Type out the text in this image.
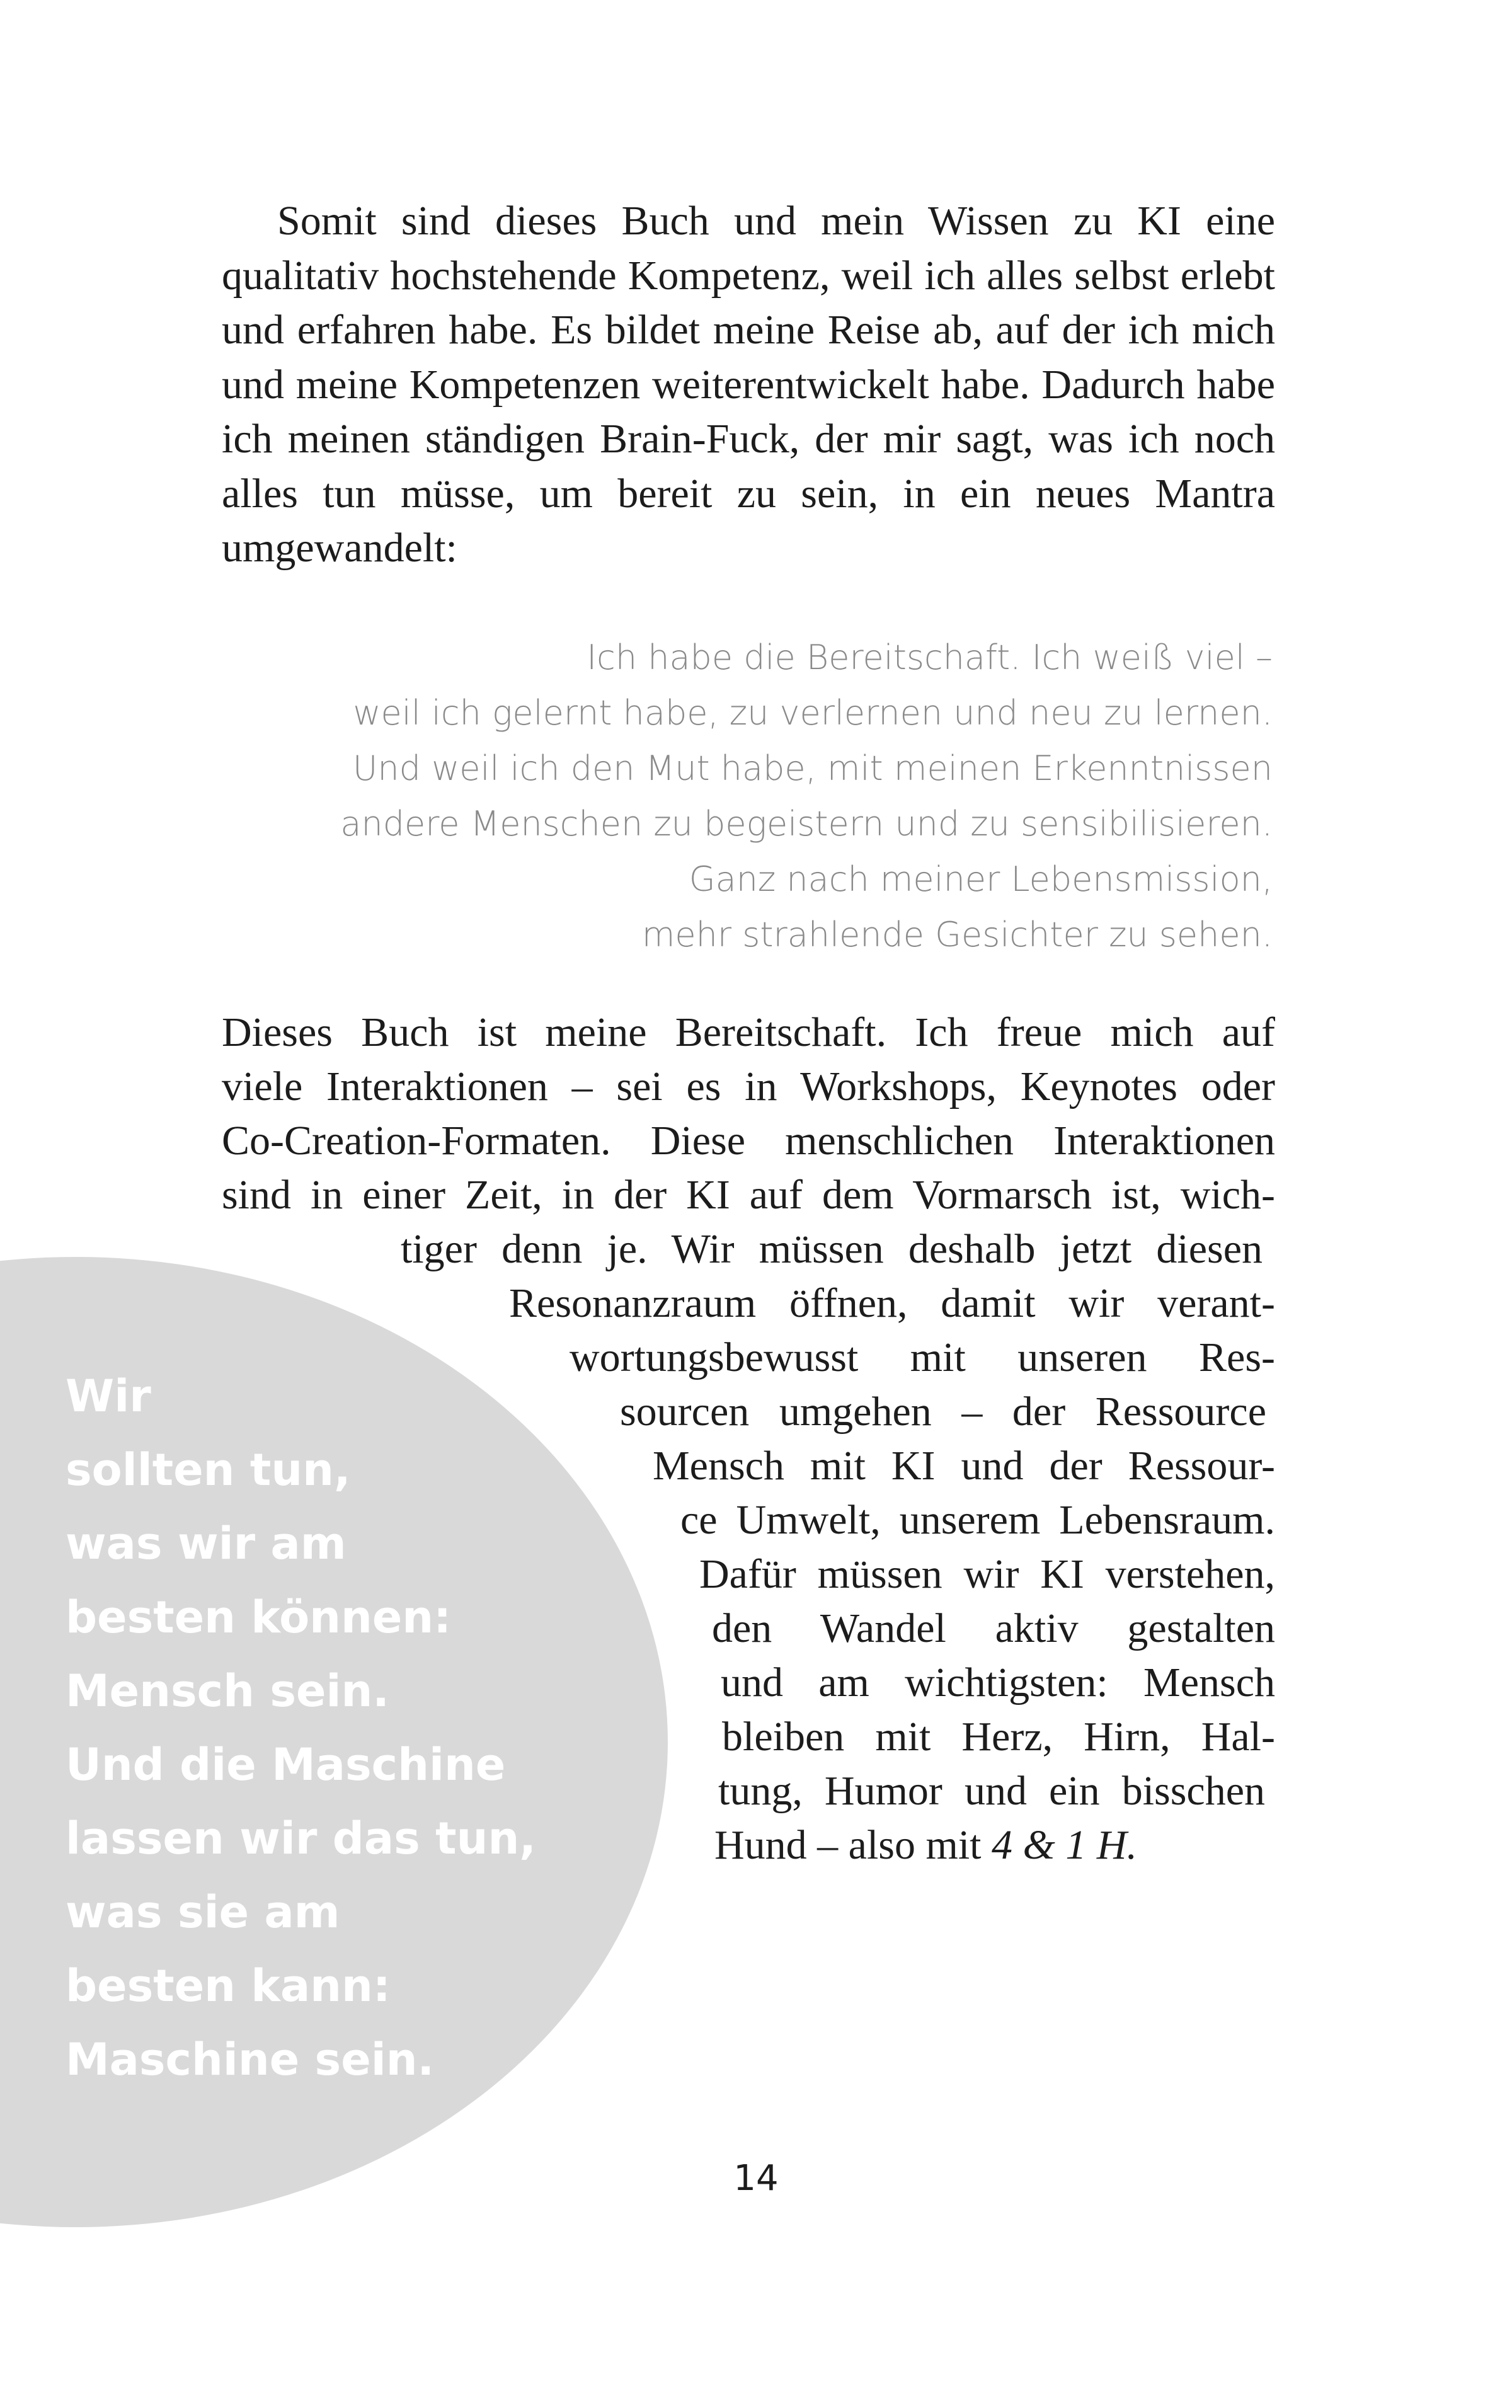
Somit sind dieses Buch und mein Wissen zu KI eine qualitativ hochstehende Kompetenz, weil ich alles selbst erlebt und erfahren habe. Es bildet meine Reise ab, auf der ich mich und meine Kompetenzen weiterentwickelt habe. Dadurch habe ich meinen ständigen Brain-Fuck, der mir sagt, was ich noch alles tun müsse, um bereit zu sein, in ein neues Mantra umgewandelt:

Ich habe die Bereitschaft. Ich weiß viel –
weil ich gelernt habe, zu verlernen und neu zu lernen.
Und weil ich den Mut habe, mit meinen Erkenntnissen
andere Menschen zu begeistern und zu sensibilisieren.
Ganz nach meiner Lebensmission,
mehr strahlende Gesichter zu sehen.
Wir
sollten tun,
was wir am
besten können:
Mensch sein.
Und die Maschine
lassen wir das tun,
was sie am
besten kann:
Maschine sein.
Dieses Buch ist meine Bereitschaft. Ich freue mich auf
viele Interaktionen – sei es in Workshops, Keynotes oder
Co-Creation-Formaten. Diese menschlichen Interaktionen
sind in einer Zeit, in der KI auf dem Vormarsch ist, wich-
tiger denn je. Wir müssen deshalb jetzt diesen
Resonanzraum öffnen, damit wir verant-
wortungsbewusst mit unseren Res-
sourcen umgehen – der Ressource
Mensch mit KI und der Ressour-
ce Umwelt, unserem Lebensraum.
Dafür müssen wir KI verstehen,
den Wandel aktiv gestalten
und am wichtigsten: Mensch
bleiben mit Herz, Hirn, Hal-
tung, Humor und ein bisschen
Hund – also mit 4 & 1 H.
14
